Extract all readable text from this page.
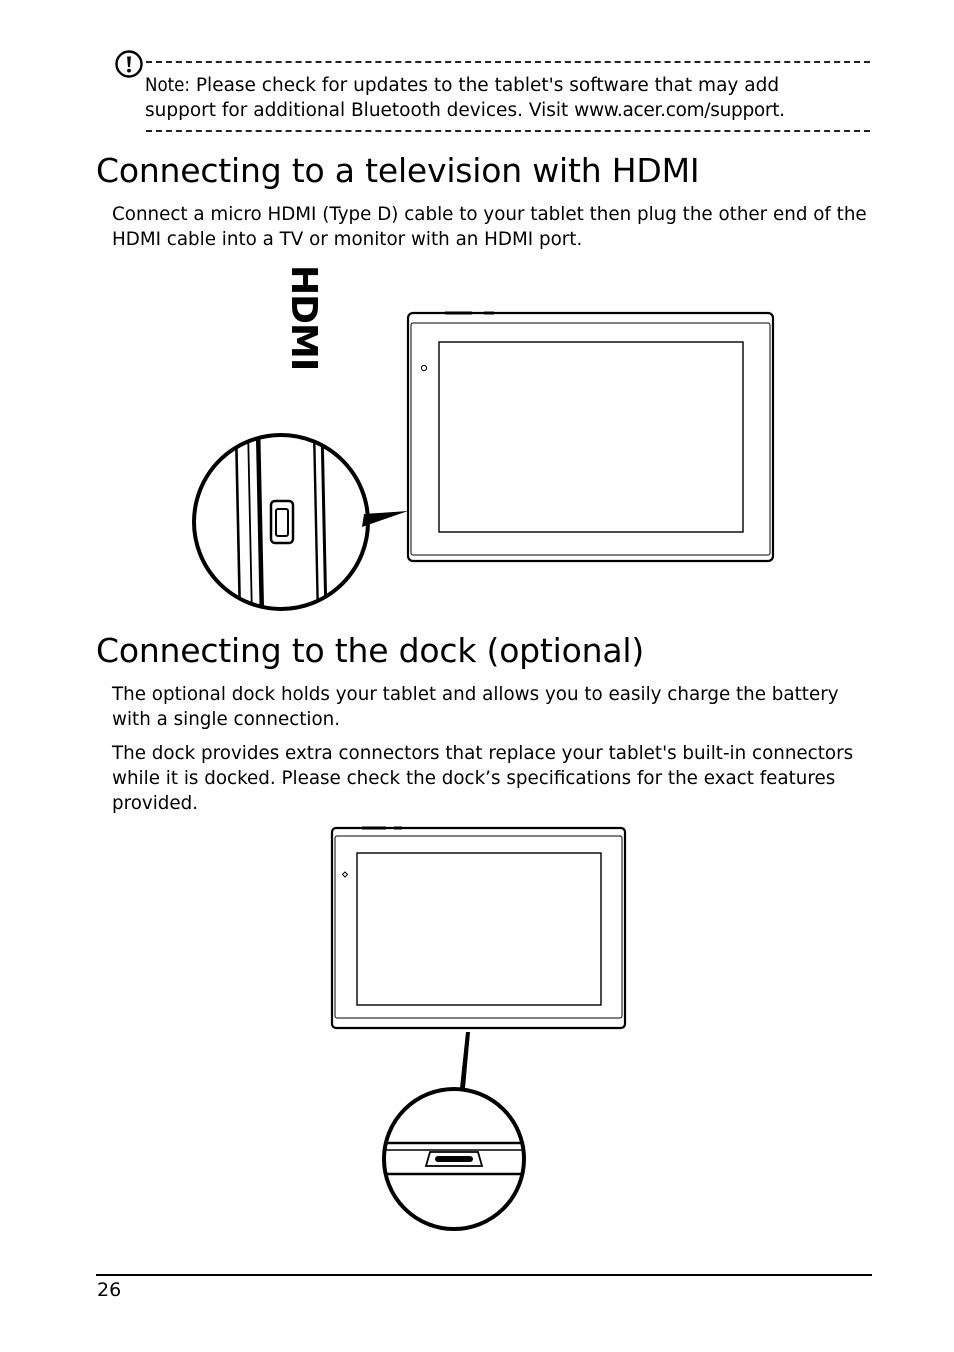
Note: Please check for updates to the tablet's software that may add support for additional Bluetooth devices. Visit www.acer.com/support.
Connecting to a television with HDMI

Connect a micro HDMI (Type D) cable to your tablet then plug the other end of the HDMI cable into a TV or monitor with an HDMI port.

HDMI
Connecting to the dock (optional)

The optional dock holds your tablet and allows you to easily charge the battery with a single connection.

The dock provides extra connectors that replace your tablet's built-in connectors while it is docked. Please check the dock’s specifications for the exact features provided.

26
